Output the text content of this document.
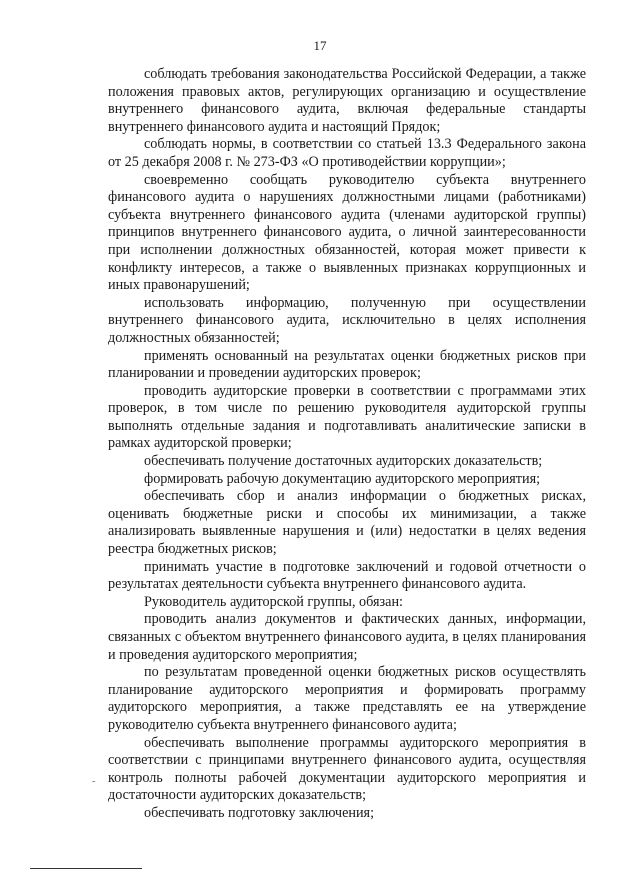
17

соблюдать требования законодательства Российской Федерации, а также положения правовых актов, регулирующих организацию и осуществление внутреннего финансового аудита, включая федеральные стандарты внутреннего финансового аудита и настоящий Прядок;

соблюдать нормы, в соответствии со статьей 13.3 Федерального закона от 25 декабря 2008 г. № 273-ФЗ «О противодействии коррупции»;

своевременно сообщать руководителю субъекта внутреннего финансового аудита о нарушениях должностными лицами (работниками) субъекта внутреннего финансового аудита (членами аудиторской группы) принципов внутреннего финансового аудита, о личной заинтересованности при исполнении должностных обязанностей, которая может привести к конфликту интересов, а также о выявленных признаках коррупционных и иных правонарушений;

использовать информацию, полученную при осуществлении внутреннего финансового аудита, исключительно в целях исполнения должностных обязанностей;

применять основанный на результатах оценки бюджетных рисков при планировании и проведении аудиторских проверок;

проводить аудиторские проверки в соответствии с программами этих проверок, в том числе по решению руководителя аудиторской группы выполнять отдельные задания и подготавливать аналитические записки в рамках аудиторской проверки;

обеспечивать получение достаточных аудиторских доказательств;

формировать рабочую документацию аудиторского мероприятия;

обеспечивать сбор и анализ информации о бюджетных рисках, оценивать бюджетные риски и способы их минимизации, а также анализировать выявленные нарушения и (или) недостатки в целях ведения реестра бюджетных рисков;

принимать участие в подготовке заключений и годовой отчетности о результатах деятельности субъекта внутреннего финансового аудита.

Руководитель аудиторской группы, обязан:

проводить анализ документов и фактических данных, информации, связанных с объектом внутреннего финансового аудита, в целях планирования и проведения аудиторского мероприятия;

по результатам проведенной оценки бюджетных рисков осуществлять планирование аудиторского мероприятия и формировать программу аудиторского мероприятия, а также представлять ее на утверждение руководителю субъекта внутреннего финансового аудита;

обеспечивать выполнение программы аудиторского мероприятия в соответствии с принципами внутреннего финансового аудита, осуществляя контроль полноты рабочей документации аудиторского мероприятия и достаточности аудиторских доказательств;

обеспечивать подготовку заключения;

˜
